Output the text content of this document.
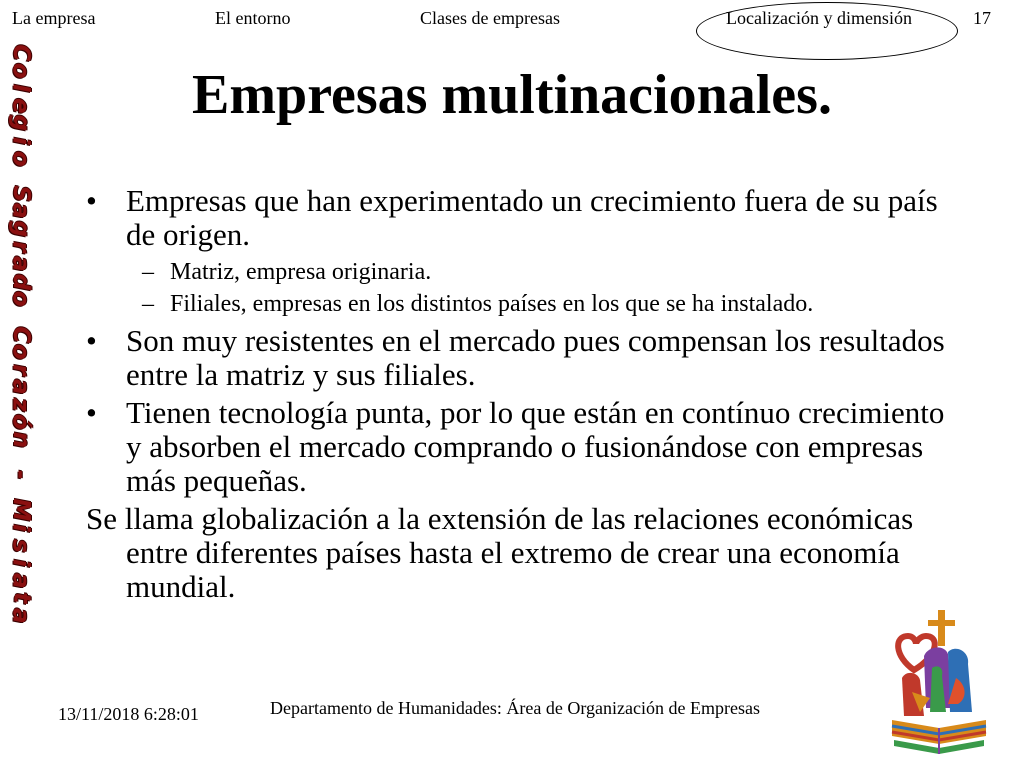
La empresa	El entorno	Clases de empresas	Localización y dimensión	17
C
o
l
e
g
i
o

S
a
g
r
a
d
o

C
o
r
a
z
ó
n

-

M
i
s
i
a
t
a
Empresas multinacionales.
• Empresas que han experimentado un crecimiento fuera de su país de origen.
– Matriz, empresa originaria.
– Filiales, empresas en los distintos países en los que se ha instalado.
• Son muy resistentes en el mercado pues compensan los resultados entre la matriz y sus filiales.
• Tienen tecnología punta, por lo que están en contínuo crecimiento y absorben el mercado comprando o fusionándose con empresas más pequeñas.
Se llama globalización a la extensión de las relaciones económicas entre diferentes países hasta el extremo de crear una economía mundial.
13/11/2018 6:28:01	Departamento de Humanidades: Área de Organización de Empresas
